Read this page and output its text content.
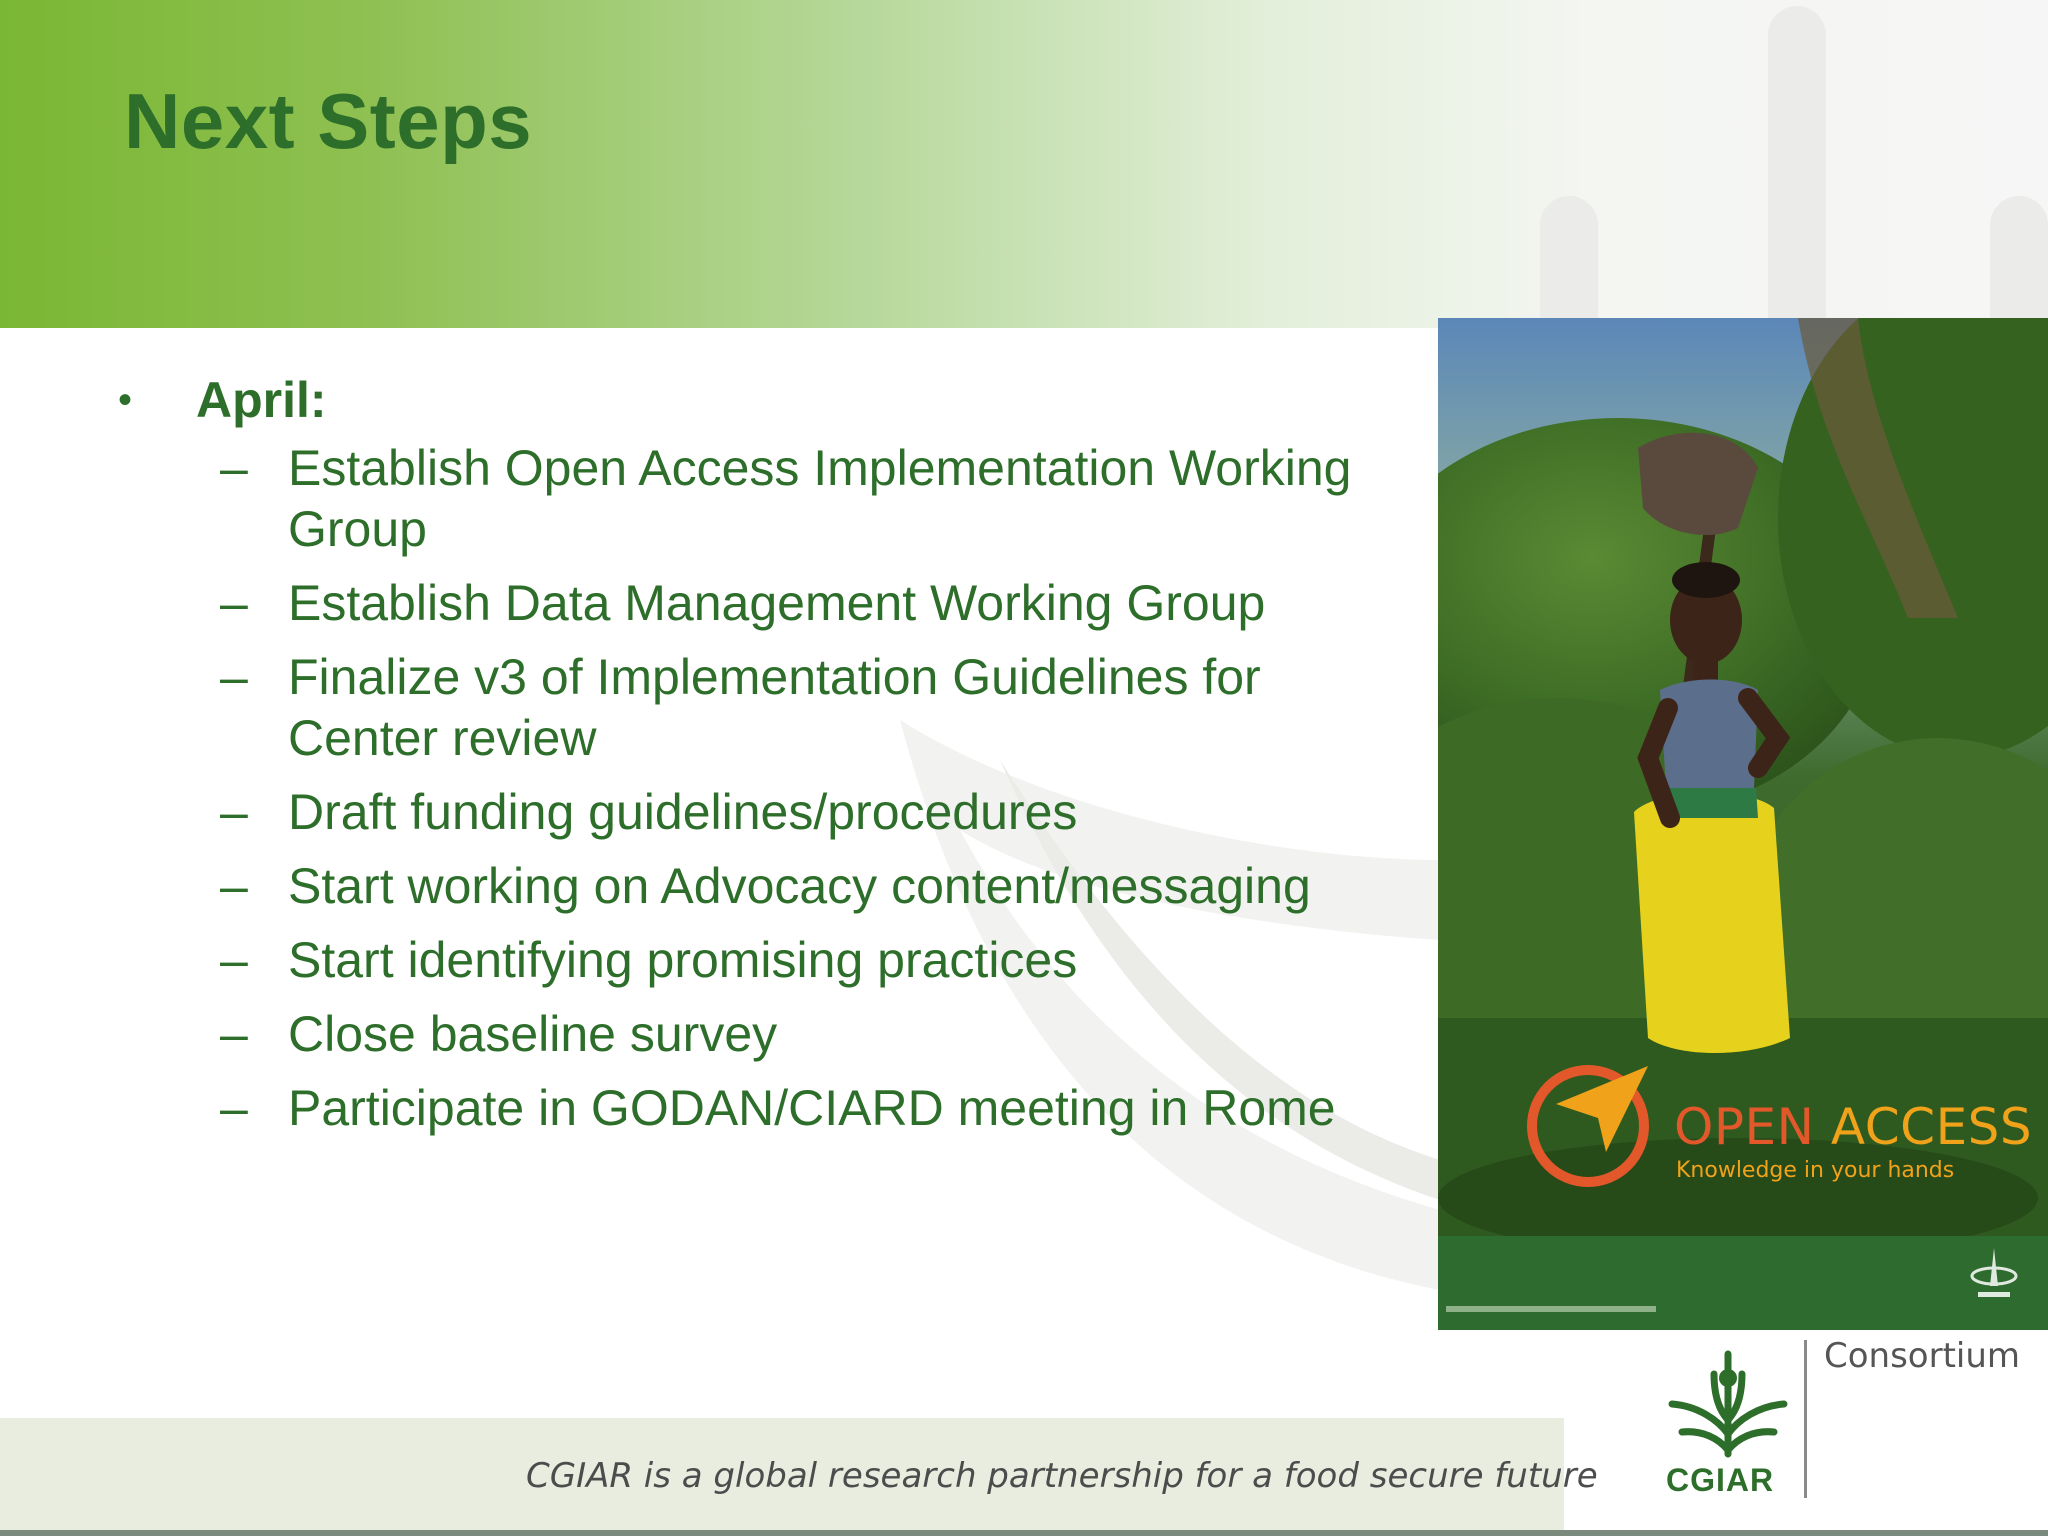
Next Steps
•	April:
– Establish Open Access Implementation Working Group
– Establish Data Management Working Group
– Finalize v3 of Implementation Guidelines for Center review
– Draft funding guidelines/procedures
– Start working on Advocacy content/messaging
– Start identifying promising practices
– Close baseline survey
– Participate in GODAN/CIARD meeting in Rome	OPEN ACCESS
Knowledge in your hands
CGIAR is a global research partnership for a food secure future CGIAR
Consortium
